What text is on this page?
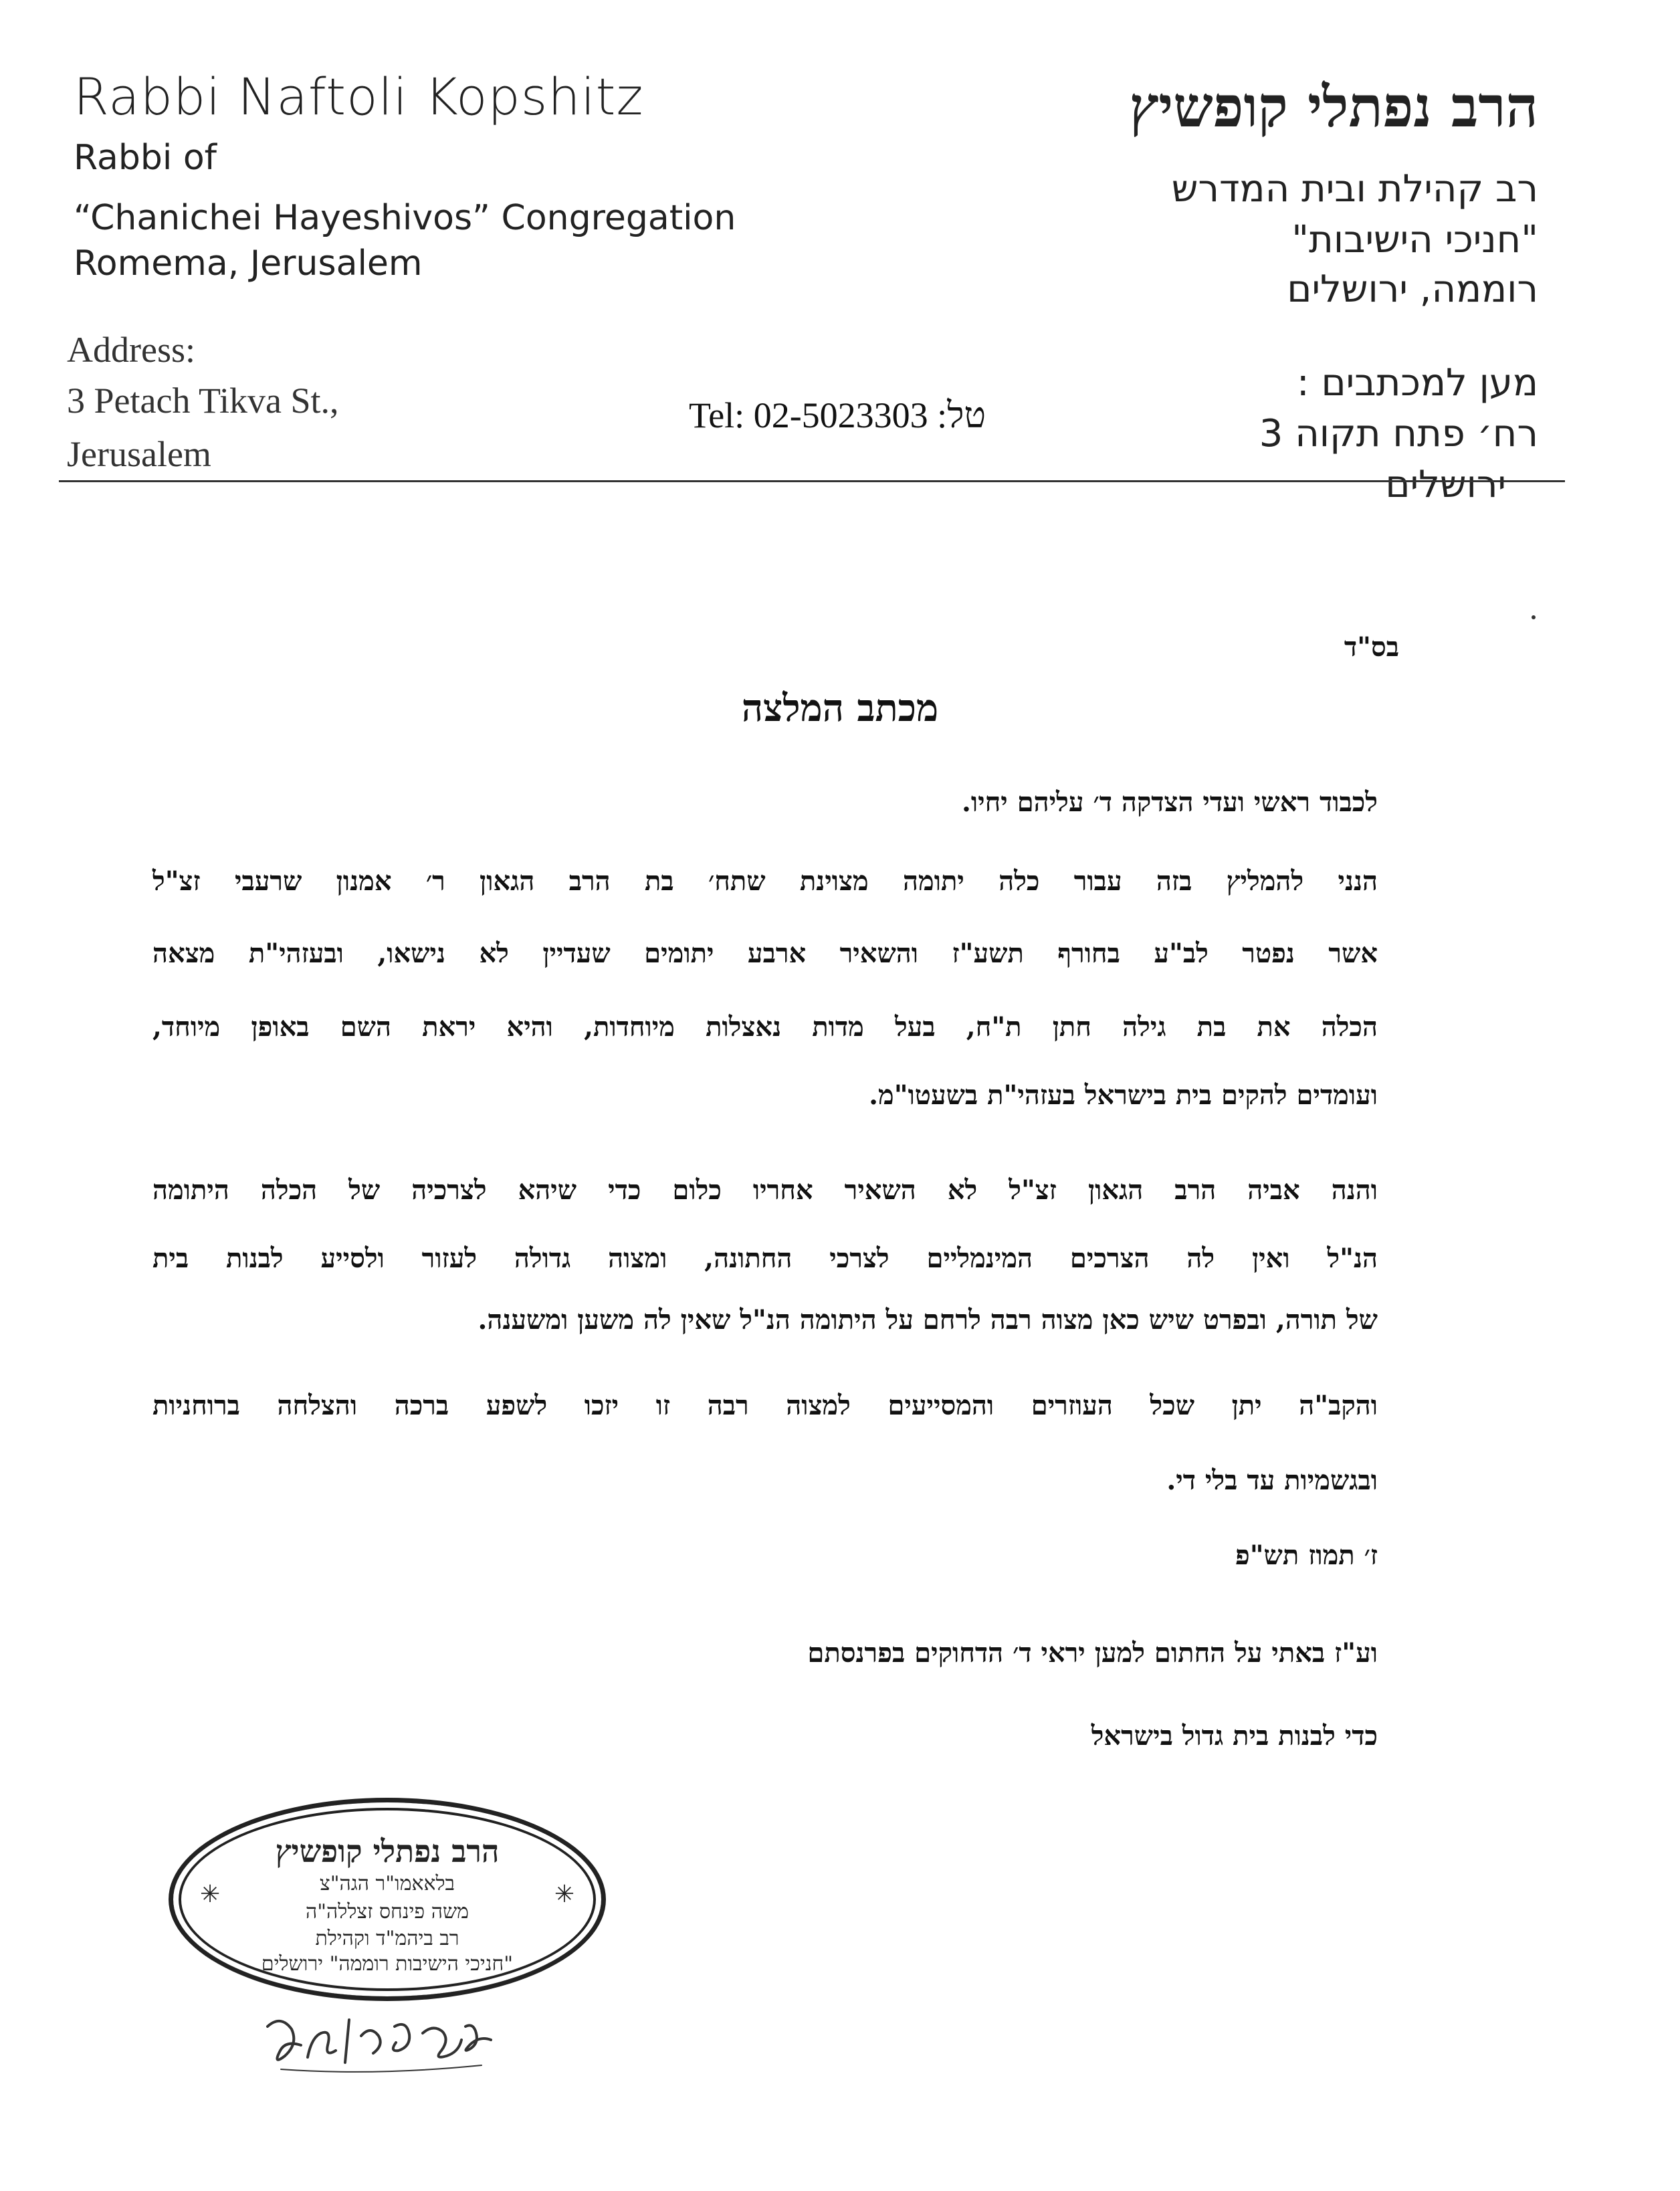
Rabbi Naftoli Kopshitz
Rabbi of
“Chanichei Hayeshivos” Congregation
Romema, Jerusalem
Address:
3 Petach Tikva St.,
Jerusalem
Tel: 02-5023303 :טל
הרב נפתלי קופשיץ
רב קהילת ובית המדרש
"חניכי הישיבות"
רוממה, ירושלים
מען למכתבים :
רח׳ פתח תקוה 3
ירושלים
בס"ד
מכתב המלצה
לכבוד ראשי ועדי הצדקה ד׳ עליהם יחיו.
הנני להמליץ בזה עבור כלה יתומה מצוינת שתח׳ בת הרב הגאון ר׳ אמנון שרעבי זצ"ל
אשר נפטר לב"ע בחורף תשע"ז והשאיר ארבע יתומים שעדיין לא נישאו, ובעזהי"ת מצאה
הכלה את בת גילה חתן ת"ח, בעל מדות נאצלות מיוחדות, והיא יראת השם באופן מיוחד,
ועומדים להקים בית בישראל בעזהי"ת בשעטו"מ.
והנה אביה הרב הגאון זצ"ל לא השאיר אחריו כלום כדי שיהא לצרכיה של הכלה היתומה
הנ"ל ואין לה הצרכים המינמליים לצרכי החתונה, ומצוה גדולה לעזור ולסייע לבנות בית
של תורה, ובפרט שיש כאן מצוה רבה לרחם על היתומה הנ"ל שאין לה משען ומשענה.
והקב"ה יתן שכל העוזרים והמסייעים למצוה רבה זו יזכו לשפע ברכה והצלחה ברוחניות
ובגשמיות עד בלי די.
ז׳ תמוז תש"פ
וע"ז באתי על החתום למען יראי ד׳ הדחוקים בפרנסתם
כדי לבנות בית גדול בישראל
הרב נפתלי קופשיץ
בלאאמו"ר הגה"צ
משה פינחס זצללה"ה
רב ביהמ"ד וקהילת
"חניכי הישיבות רוממה" ירושלים
✳	✳
